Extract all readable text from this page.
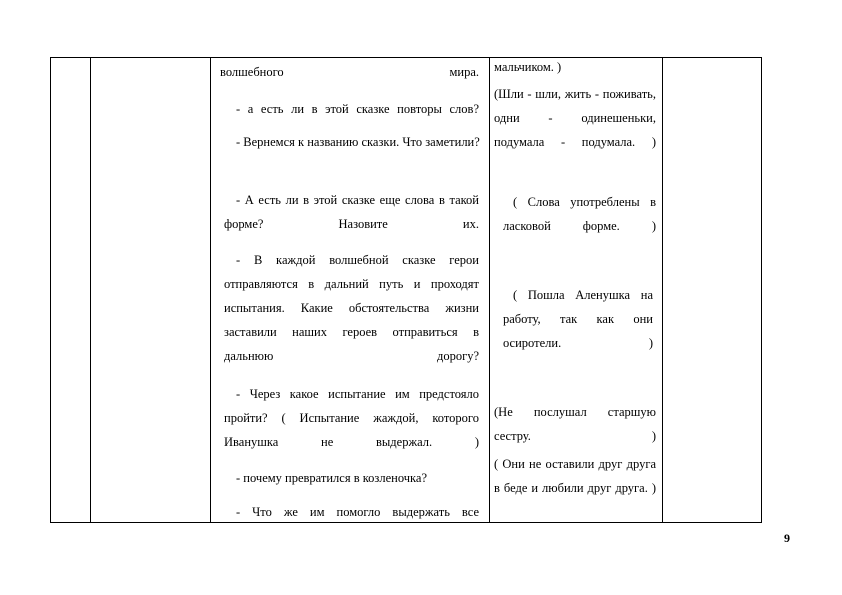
волшебного мира.
- а есть ли в этой сказке повторы слов?
- Вернемся к названию сказки. Что заметили?
- А есть ли в этой сказке еще слова в такой форме? Назовите их.
- В каждой волшебной сказке герои отправляются в дальний путь и проходят испытания. Какие обстоятельства жизни заставили наших героев отправиться в дальнюю дорогу?
- Через какое испытание им предстояло пройти? ( Испытание жаждой, которого Иванушка не выдержал. )
- почему превратился в козленочка?
- Что же им помогло выдержать все
мальчиком. )
(Шли - шли, жить - поживать, одни - одинешеньки, подумала - подумала. )
( Слова употреблены в ласковой форме. )
( Пошла Аленушка на работу, так как они осиротели. )
(Не послушал старшую сестру. )
( Они не оставили друг друга в беде и любили друг друга. )
9
